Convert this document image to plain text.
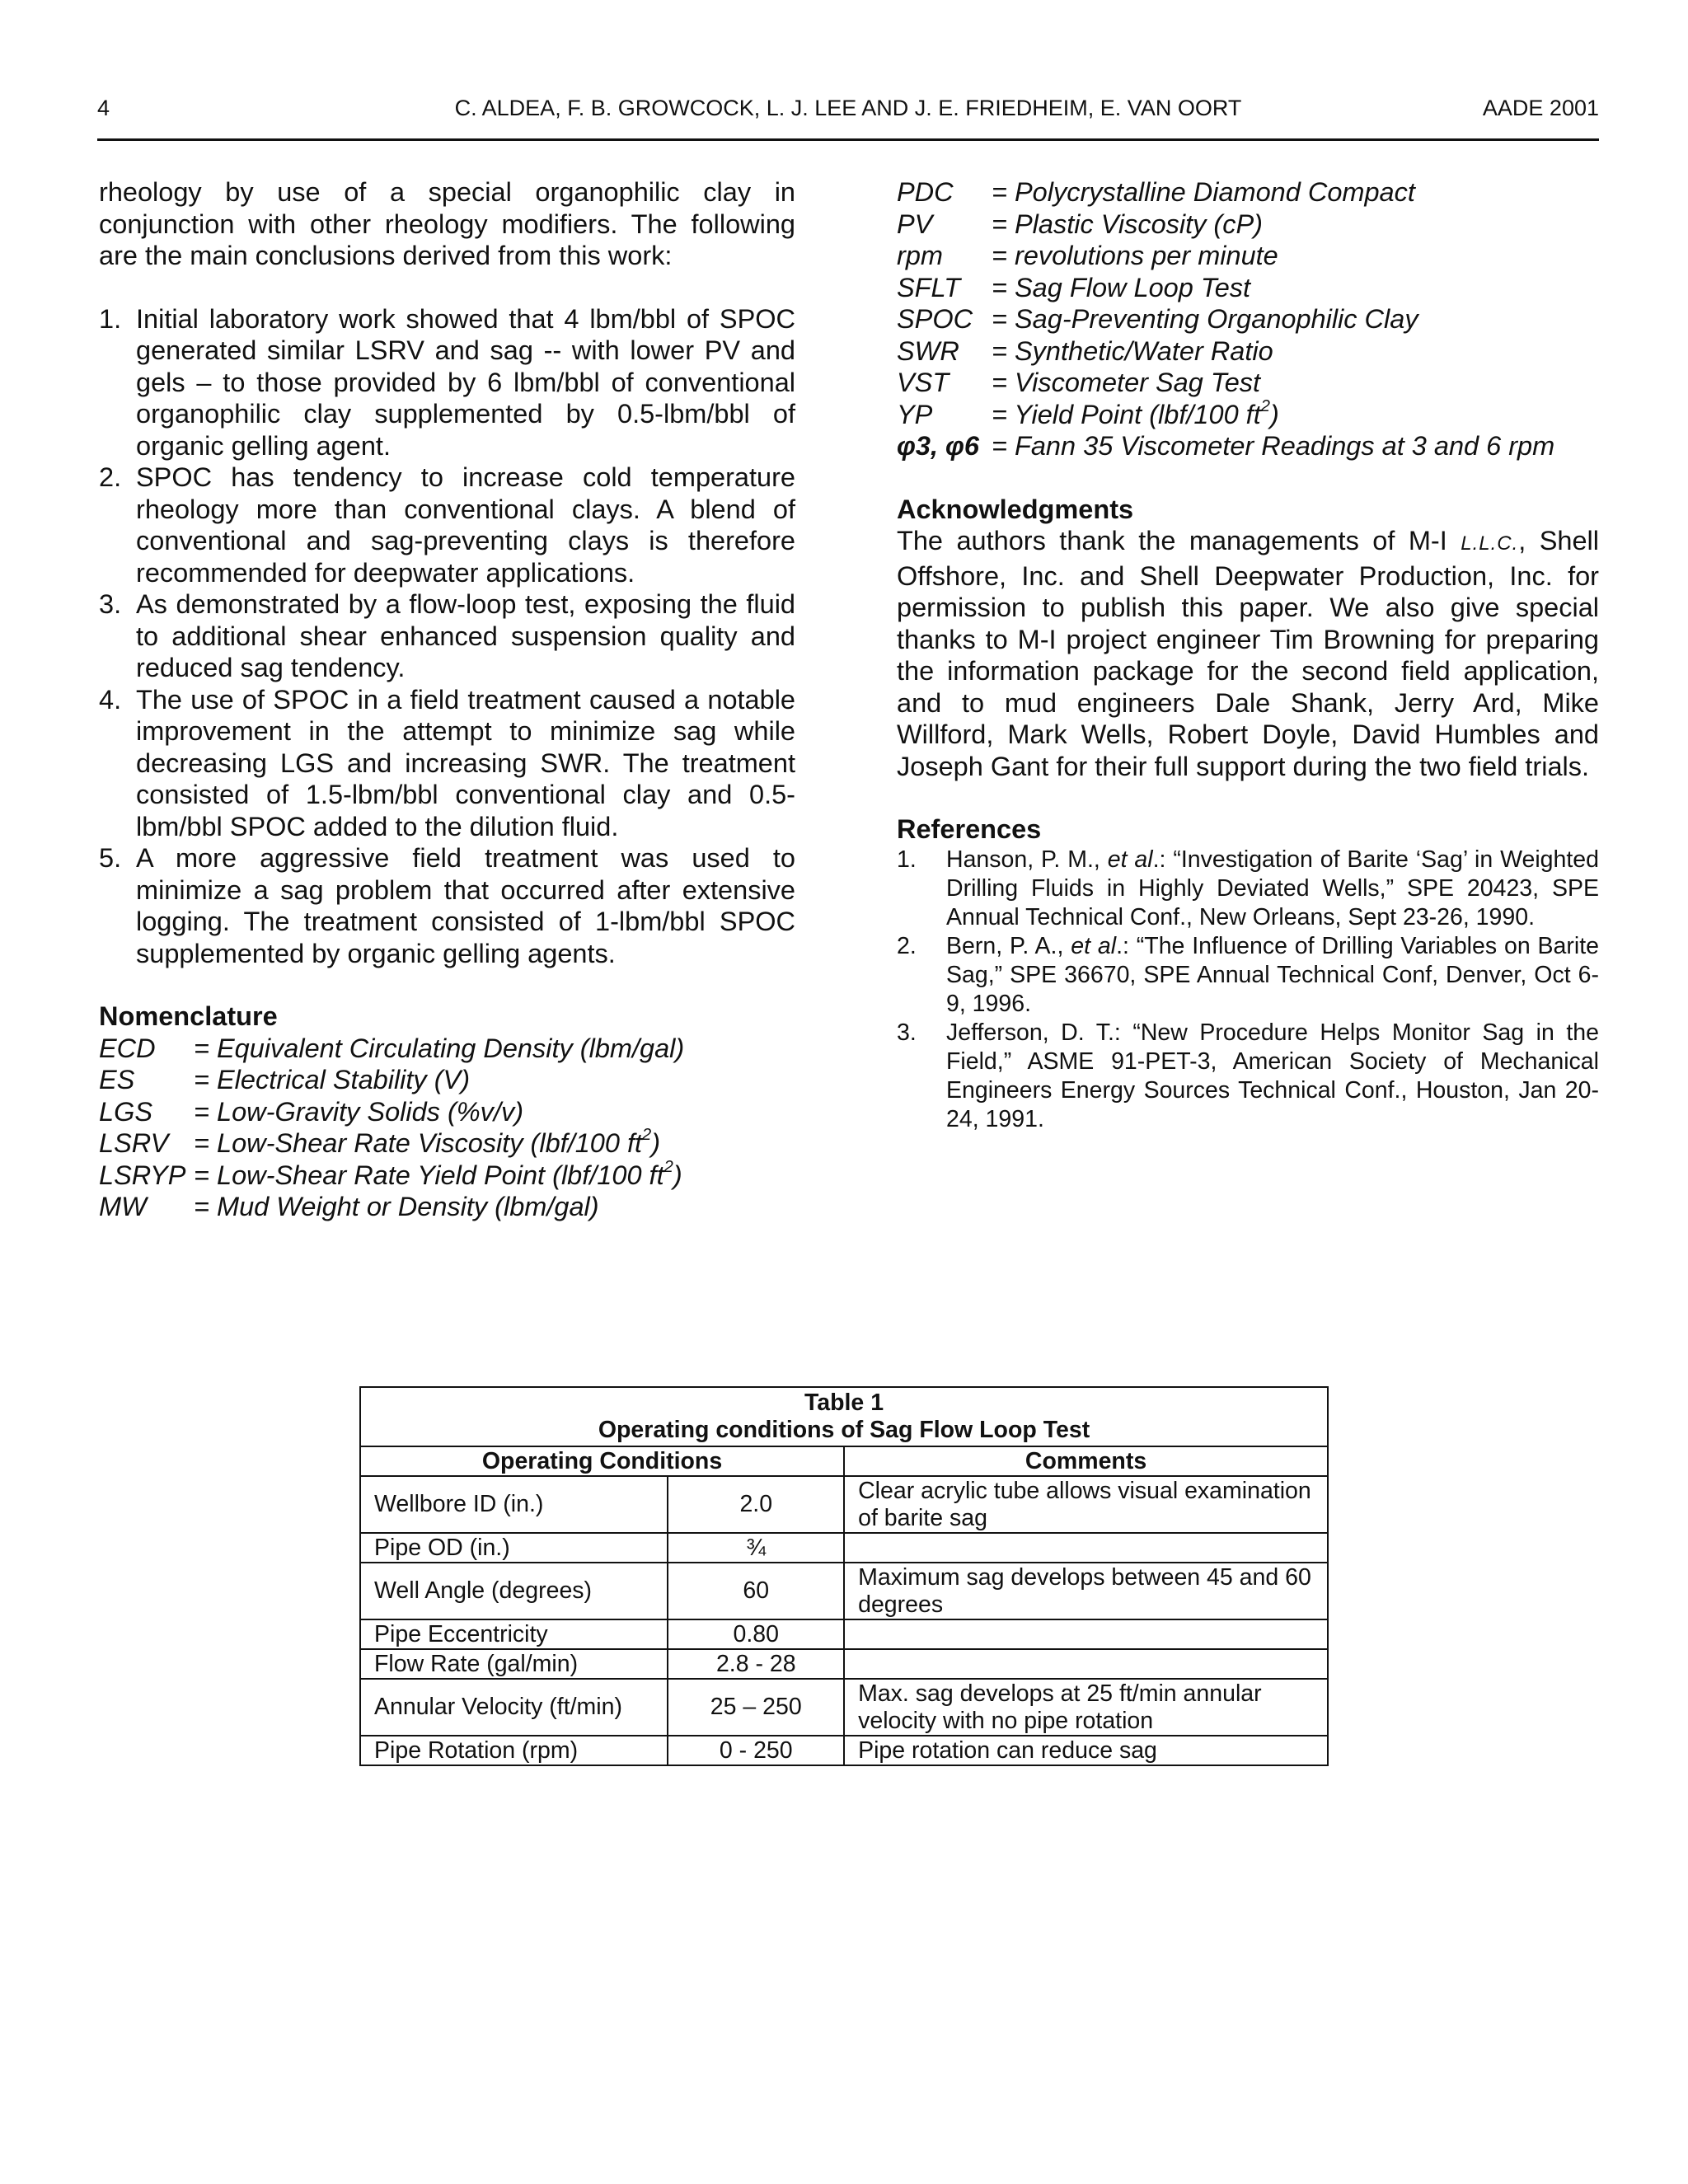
4	C. ALDEA, F. B. GROWCOCK, L. J. LEE AND J. E. FRIEDHEIM, E. VAN OORT	AADE 2001

rheology by use of a special organophilic clay in conjunction with other rheology modifiers. The following are the main conclusions derived from this work:

1. Initial laboratory work showed that 4 lbm/bbl of SPOC generated similar LSRV and sag -- with lower PV and gels – to those provided by 6 lbm/bbl of conventional organophilic clay supplemented by 0.5-lbm/bbl of organic gelling agent.
2. SPOC has tendency to increase cold temperature rheology more than conventional clays. A blend of conventional and sag-preventing clays is therefore recommended for deepwater applications.
3. As demonstrated by a flow-loop test, exposing the fluid to additional shear enhanced suspension quality and reduced sag tendency.
4. The use of SPOC in a field treatment caused a notable improvement in the attempt to minimize sag while decreasing LGS and increasing SWR. The treatment consisted of 1.5-lbm/bbl conventional clay and 0.5-lbm/bbl SPOC added to the dilution fluid.
5. A more aggressive field treatment was used to minimize a sag problem that occurred after extensive logging. The treatment consisted of 1-lbm/bbl SPOC supplemented by organic gelling agents.
Nomenclature
ECD	= Equivalent Circulating Density (lbm/gal)
ES	= Electrical Stability (V)
LGS	= Low-Gravity Solids (%v/v)
LSRV = Low-Shear Rate Viscosity (lbf/100 $ft^2$)
LSRYP = Low-Shear Rate Yield Point (lbf/100 $ft^2$)
MW	= Mud Weight or Density (lbm/gal)
PDC	= Polycrystalline Diamond Compact
PV	= Plastic Viscosity (cP)
rpm	= revolutions per minute
SFLT	= Sag Flow Loop Test
SPOC = Sag-Preventing Organophilic Clay
SWR	= Synthetic/Water Ratio
VST	= Viscometer Sag Test
YP	= Yield Point (lbf/100 $ft^2$)
φ3, φ6 = Fann 35 Viscometer Readings at 3 and 6 rpm
Acknowledgments

The authors thank the managements of M-I L.L.C., Shell Offshore, Inc. and Shell Deepwater Production, Inc. for permission to publish this paper. We also give special thanks to M-I project engineer Tim Browning for preparing the information package for the second field application, and to mud engineers Dale Shank, Jerry Ard, Mike Willford, Mark Wells, Robert Doyle, David Humbles and Joseph Gant for their full support during the two field trials.

References
1. Hanson, P. M., et al.: “Investigation of Barite ‘Sag’ in Weighted Drilling Fluids in Highly Deviated Wells,” SPE 20423, SPE Annual Technical Conf., New Orleans, Sept 23-26, 1990.
2. Bern, P. A., et al.: “The Influence of Drilling Variables on Barite Sag,” SPE 36670, SPE Annual Technical Conf, Denver, Oct 6-9, 1996.
3. Jefferson, D. T.: “New Procedure Helps Monitor Sag in the Field,” ASME 91-PET-3, American Society of Mechanical Engineers Energy Sources Technical Conf., Houston, Jan 20-24, 1991.
Table 1
Operating conditions of Sag Flow Loop Test		

Operating Conditions		Comments
Wellbore ID (in.)	2.0	Clear acrylic tube allows visual examination of barite sag
Pipe OD (in.)	¾	
Well Angle (degrees)	60	Maximum sag develops between 45 and 60 degrees
Pipe Eccentricity	0.80	
Flow Rate (gal/min)	2.8 - 28	
Annular Velocity (ft/min)	25 – 250	Max. sag develops at 25 ft/min annular velocity with no pipe rotation
Pipe Rotation (rpm)	0 - 250	Pipe rotation can reduce sag
